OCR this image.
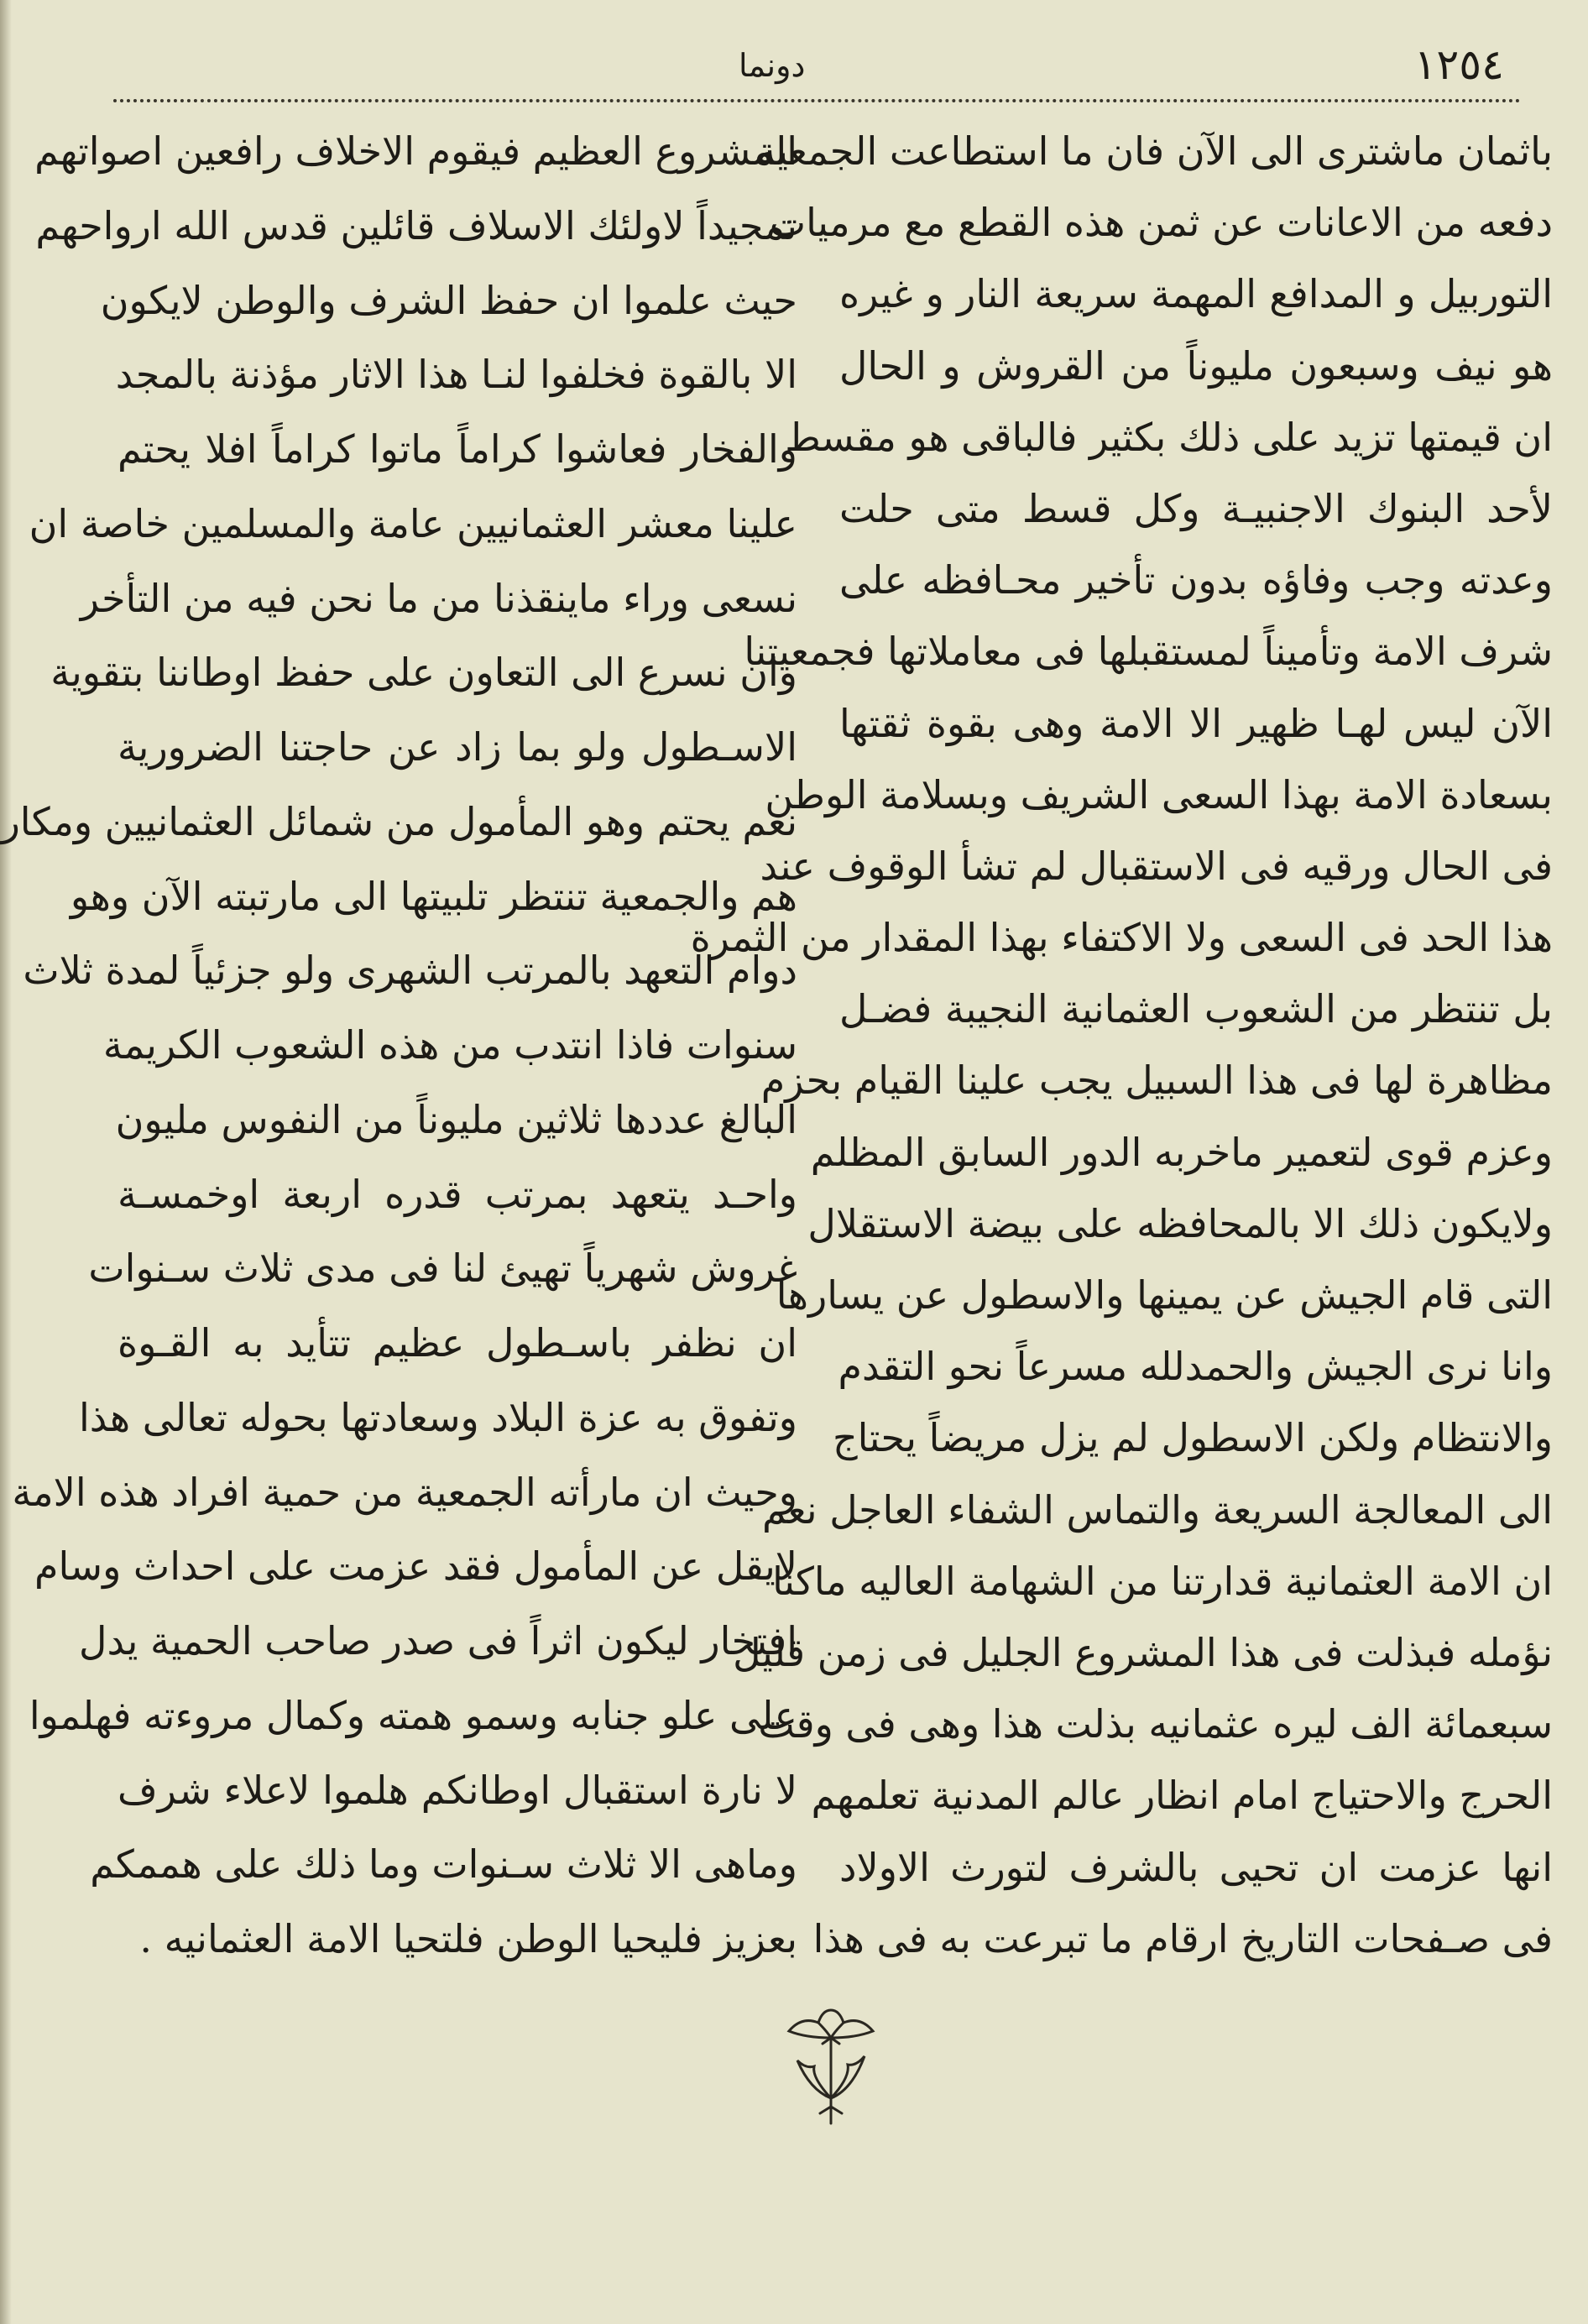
١٢٥٤
دونما
باثمان ماشترى الى الآن فان ما استطاعت الجمعية
دفعه من الاعانات عن ثمن هذه القطع مع مرميات
التوربيل و المدافع المهمة سريعة النار و غيره
هو نيف وسبعون مليوناً من القروش و الحال
ان قيمتها تزيد على ذلك بكثير فالباقى هو مقسط
لأحد البنوك الاجنبيـة وكل قسط متى حلت
وعدته وجب وفاؤه بدون تأخير محـافظه على
شرف الامة وتأميناً لمستقبلها فى معاملاتها فجمعيتنا
الآن ليس لهـا ظهير الا الامة وهى بقوة ثقتها
بسعادة الامة بهذا السعى الشريف وبسلامة الوطن
فى الحال ورقيه فى الاستقبال لم تشأ الوقوف عند
هذا الحد فى السعى ولا الاكتفاء بهذا المقدار من الثمرة
بل تنتظر من الشعوب العثمانية النجيبة فضـل
مظاهرة لها فى هذا السبيل يجب علينا القيام بحزم
وعزم قوى لتعمير ماخربه الدور السابق المظلم
ولايكون ذلك الا بالمحافظه على بيضة الاستقلال
التى قام الجيش عن يمينها والاسطول عن يسارها
وانا نرى الجيش والحمدلله مسرعاً نحو التقدم
والانتظام ولكن الاسطول لم يزل مريضاً يحتاج
الى المعالجة السريعة والتماس الشفاء العاجل نعم
ان الامة العثمانية قدارتنا من الشهامة العاليه ماكنا
نؤمله فبذلت فى هذا المشروع الجليل فى زمن قليل
سبعمائة الف ليره عثمانيه بذلت هذا وهى فى وقت
الحرج والاحتياج امام انظار عالم المدنية تعلمهم
انها عزمت ان تحيى بالشرف لتورث الاولاد
فى صـفحات التاريخ ارقام ما تبرعت به فى هذا
المشروع العظيم فيقوم الاخلاف رافعين اصواتهم
تمجيداً لاولئك الاسلاف قائلين قدس الله ارواحهم
حيث علموا ان حفظ الشرف والوطن لايكون
الا بالقوة فخلفوا لنـا هذا الاثار مؤذنة بالمجد
والفخار فعاشوا كراماً ماتوا كراماً افلا يحتم
علينا معشر العثمانيين عامة والمسلمين خاصة ان
نسعى وراء ماينقذنا من ما نحن فيه من التأخر
وان نسرع الى التعاون على حفظ اوطاننا بتقوية
الاسـطول ولو بما زاد عن حاجتنا الضرورية
نعم يحتم وهو المأمول من شمائل العثمانيين ومكار
هم والجمعية تنتظر تلبيتها الى مارتبته الآن وهو
دوام التعهد بالمرتب الشهرى ولو جزئياً لمدة ثلاث
سنوات فاذا انتدب من هذه الشعوب الكريمة
البالغ عددها ثلاثين مليوناً من النفوس مليون
واحـد يتعهد بمرتب قدره اربعة اوخمسـة
غروش شهرياً تهيئ لنا فى مدى ثلاث سـنوات
ان نظفر باسـطول عظيم تتأيد به القـوة
وتفوق به عزة البلاد وسعادتها بحوله تعالى هذا
وحيث ان مارأته الجمعية من حمية افراد هذه الامة
لايقل عن المأمول فقد عزمت على احداث وسام
افتخار ليكون اثراً فى صدر صاحب الحمية يدل
على علو جنابه وسمو همته وكمال مروءته فهلموا
لا نارة استقبال اوطانكم هلموا لاعلاء شرف
وماهى الا ثلاث سـنوات وما ذلك على هممكم
بعزيز فليحيا الوطن فلتحيا الامة العثمانيه .
